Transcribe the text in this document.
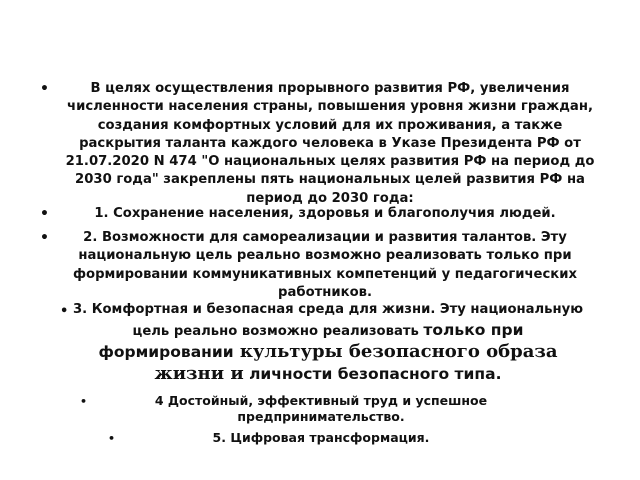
•	В целях осуществления прорывного развития РФ, увеличения численности населения страны, повышения уровня жизни граждан, создания комфортных условий для их проживания, а также раскрытия таланта каждого человека в Указе Президента РФ от 21.07.2020 N 474 "О национальных целях развития РФ на период до 2030 года" закреплены пять национальных целей развития РФ на период до 2030 года:
•	1. Сохранение населения, здоровья и благополучия людей.
•	2. Возможности для самореализации и развития талантов. Эту национальную цель реально возможно реализовать только при формировании коммуникативных компетенций у педагогических работников.
• 3. Комфортная и безопасная среда для жизни. Эту национальную цель реально возможно реализовать только при формировании культуры безопасного образа жизни и личности безопасного типа.
•	4 Достойный, эффективный труд и успешное предпринимательство.
•	5. Цифровая трансформация.
